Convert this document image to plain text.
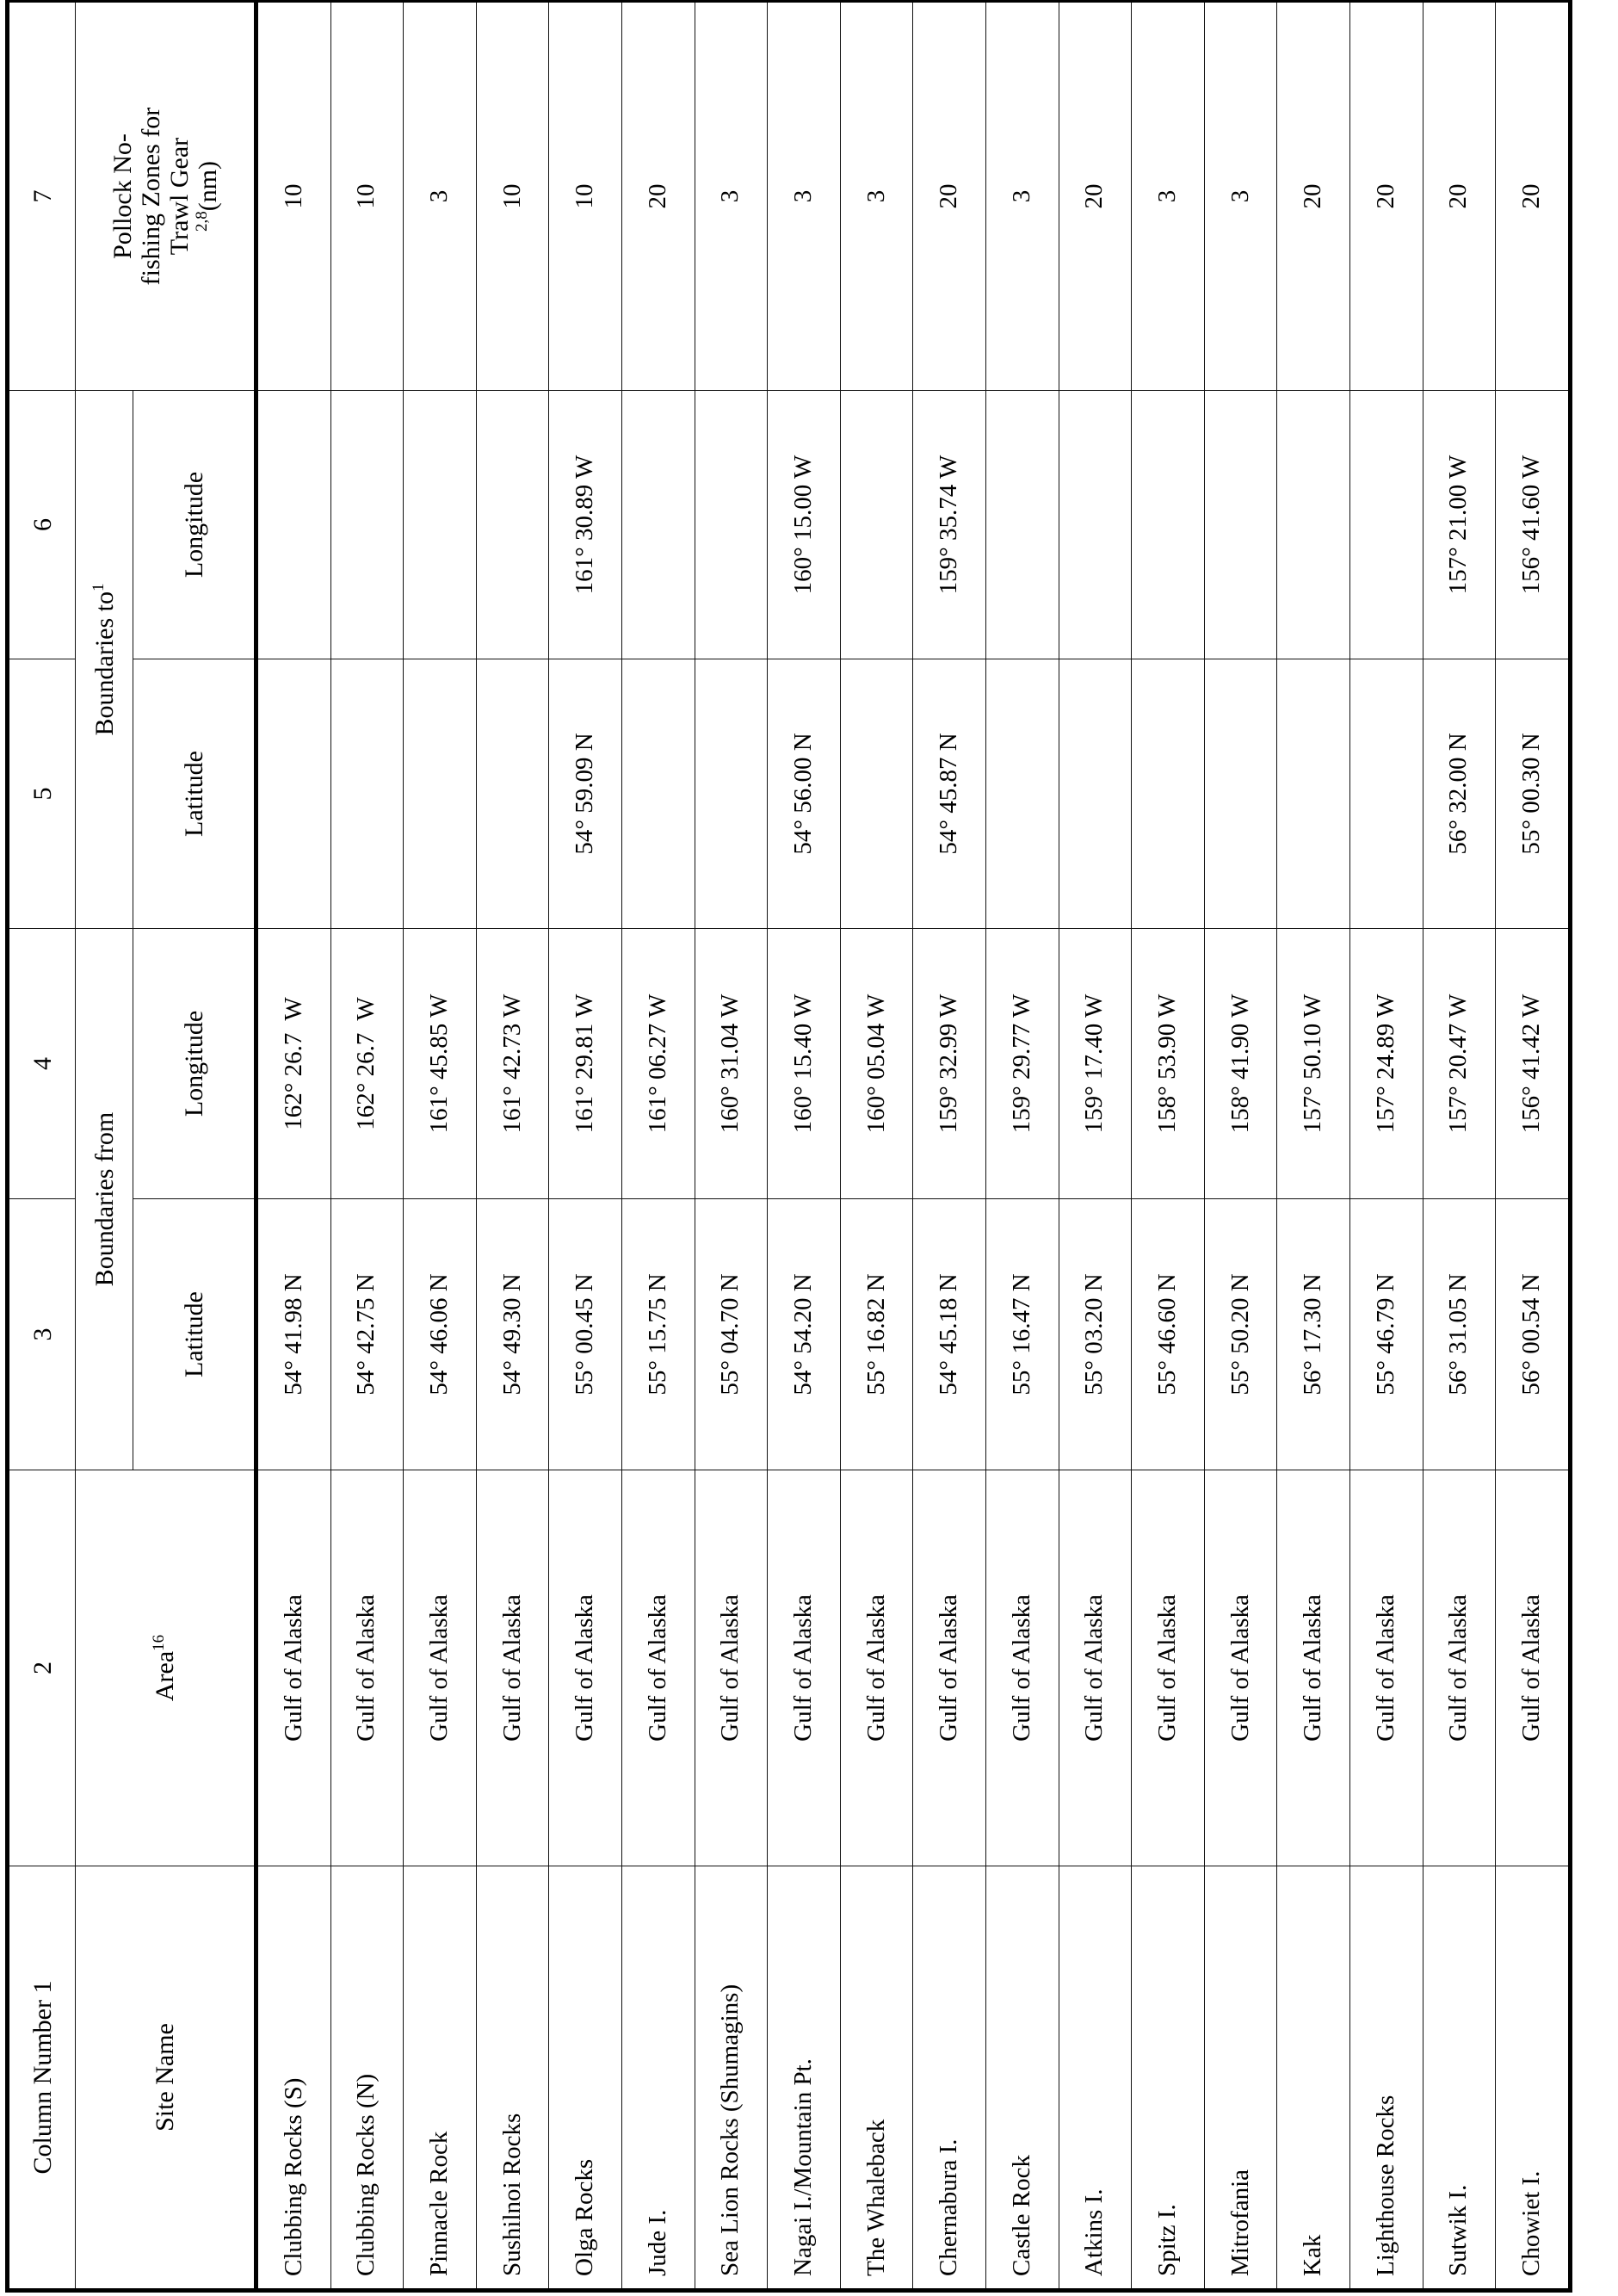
Column Number 1	2	3	4	5	6	7
Site Name	Area$^{16}$	Boundaries from		Boundaries $to^1$		Pollock No- fishing Zones for Trawl Gear $^{2,8}$(nm)

		Latitude	Longitude	Latitude	Longitude	
Clubbing Rocks (S)	Gulf of Alaska	54° 41.98 N	162° 26.7  W			10
Clubbing Rocks (N)	Gulf of Alaska	54° 42.75 N	162° 26.7  W			10
Pinnacle Rock	Gulf of Alaska	54° 46.06 N	161° 45.85 W			3
Sushilnoi Rocks	Gulf of Alaska	54° 49.30 N	161° 42.73 W			10
Olga Rocks	Gulf of Alaska	55° 00.45 N	161° 29.81 W	54° 59.09 N	161° 30.89 W	10
Jude I.	Gulf of Alaska	55° 15.75 N	161° 06.27 W			20
Sea Lion Rocks (Shumagins)	Gulf of Alaska	55° 04.70 N	160° 31.04 W			3
Nagai I./Mountain Pt.	Gulf of Alaska	54° 54.20 N	160° 15.40 W	54° 56.00 N	160° 15.00 W	3
The Whaleback	Gulf of Alaska	55° 16.82 N	160° 05.04 W			3
Chernabura I.	Gulf of Alaska	54° 45.18 N	159° 32.99 W	54° 45.87 N	159° 35.74 W	20
Castle Rock	Gulf of Alaska	55° 16.47 N	159° 29.77 W			3
Atkins I.	Gulf of Alaska	55° 03.20 N	159° 17.40 W			20
Spitz I.	Gulf of Alaska	55° 46.60 N	158° 53.90 W			3
Mitrofania	Gulf of Alaska	55° 50.20 N	158° 41.90 W			3
Kak	Gulf of Alaska	56° 17.30 N	157° 50.10 W			20
Lighthouse Rocks	Gulf of Alaska	55° 46.79 N	157° 24.89 W			20
Sutwik I.	Gulf of Alaska	56° 31.05 N	157° 20.47 W	56° 32.00 N	157° 21.00 W	20
Chowiet I.	Gulf of Alaska	56° 00.54 N	156° 41.42 W	55° 00.30 N	156° 41.60 W	20
